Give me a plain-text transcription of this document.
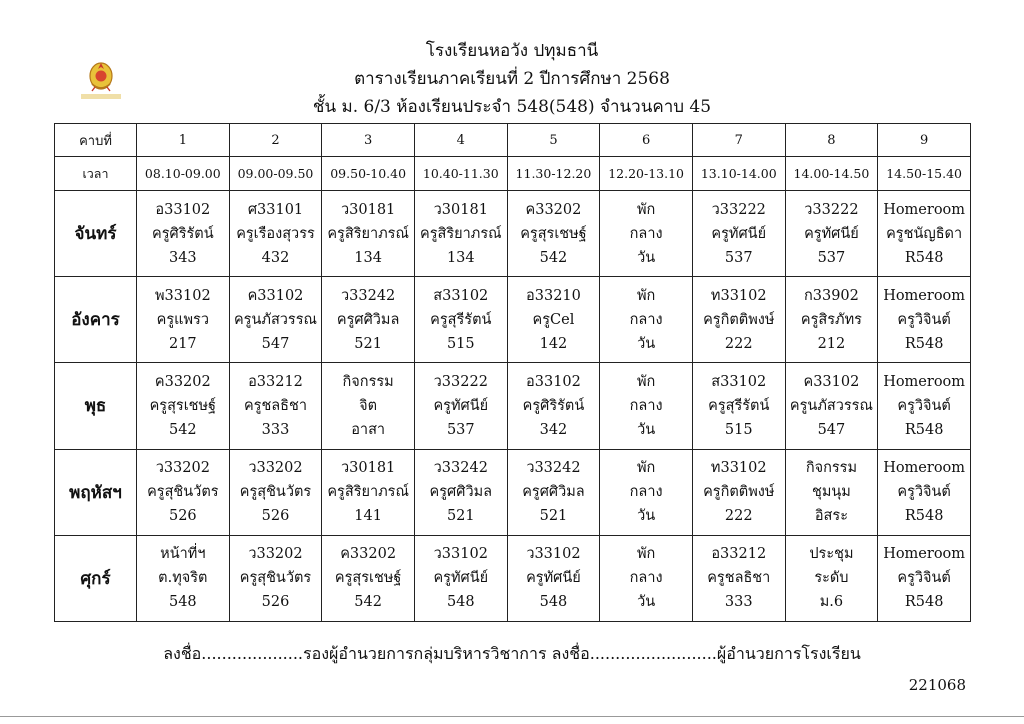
โรงเรียนหอวัง ปทุมธานี
ตารางเรียนภาคเรียนที่ 2 ปีการศึกษา 2568
ชั้น ม. 6/3 ห้องเรียนประจำ 548(548) จำนวนคาบ 45
คาบที่	1	2	3	4	5	6	7	8	9
เวลา	08.10-09.00	09.00-09.50	09.50-10.40	10.40-11.30	11.30-12.20	12.20-13.10	13.10-14.00	14.00-14.50	14.50-15.40
จันทร์	อ33102
ครูศิริรัตน์
343	ศ33101
ครูเรืองสุวรร
432	ว30181
ครูสิริยาภรณ์
134	ว30181
ครูสิริยาภรณ์
134	ค33202
ครูสุรเชษฐ์
542	พัก
กลาง
วัน	ว33222
ครูทัศนีย์
537	ว33222
ครูทัศนีย์
537	Homeroom
ครูชนัญธิดา
R548

อังคาร	พ33102
ครูแพรว
217	ค33102
ครูนภัสวรรณ
547	ว33242
ครูศศิวิมล
521	ส33102
ครูสุรีรัตน์
515	อ33210
ครูCel
142	พัก
กลาง
วัน	ท33102
ครูกิตติพงษ์
222	ก33902
ครูสิรภัทร
212	Homeroom
ครูวิจินต์
R548

พุธ	ค33202
ครูสุรเชษฐ์
542	อ33212
ครูชลธิชา
333	กิจกรรม
จิต
อาสา	ว33222
ครูทัศนีย์
537	อ33102
ครูศิริรัตน์
342	พัก
กลาง
วัน	ส33102
ครูสุรีรัตน์
515	ค33102
ครูนภัสวรรณ
547	Homeroom
ครูวิจินต์
R548

พฤหัสฯ	ว33202
ครูสุชินวัตร
526	ว33202
ครูสุชินวัตร
526	ว30181
ครูสิริยาภรณ์
141	ว33242
ครูศศิวิมล
521	ว33242
ครูศศิวิมล
521	พัก
กลาง
วัน	ท33102
ครูกิตติพงษ์
222	กิจกรรม
ชุมนุม
อิสระ	Homeroom
ครูวิจินต์
R548

ศุกร์	หน้าที่ฯ
ต.ทุจริต
548	ว33202
ครูสุชินวัตร
526	ค33202
ครูสุรเชษฐ์
542	ว33102
ครูทัศนีย์
548	ว33102
ครูทัศนีย์
548	พัก
กลาง
วัน	อ33212
ครูชลธิชา
333	ประชุม
ระดับ
ม.6	Homeroom
ครูวิจินต์
R548
ลงชื่อ....................รองผู้อำนวยการกลุ่มบริหารวิชาการ ลงชื่อ.........................ผู้อำนวยการโรงเรียน
221068
